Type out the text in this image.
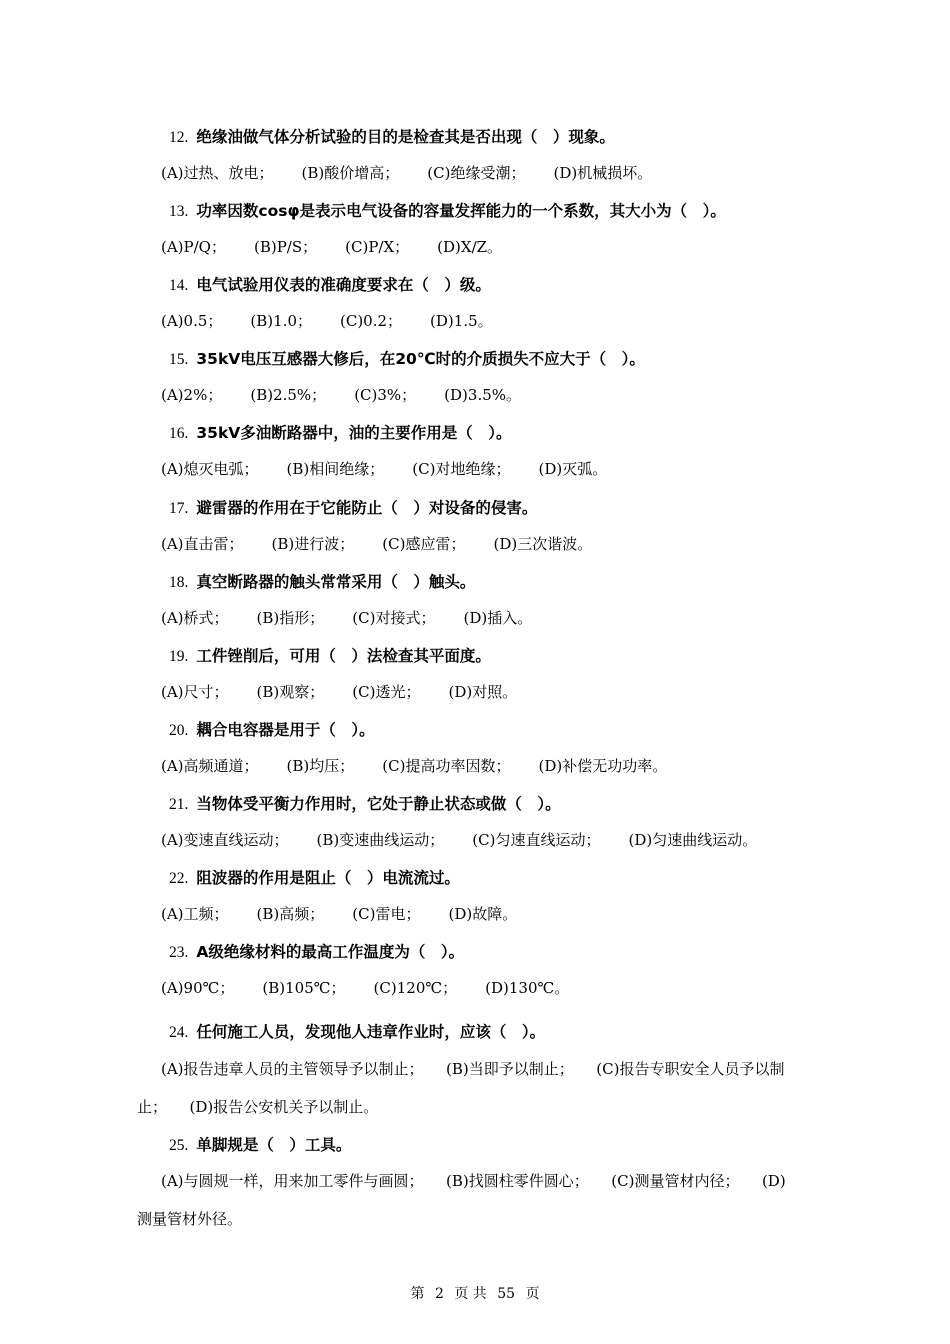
12. 绝缘油做气体分析试验的目的是检查其是否出现（　）现象。
(A)过热、放电； (B)酸价增高； (C)绝缘受潮； (D)机械损坏。
13. 功率因数cosφ是表示电气设备的容量发挥能力的一个系数，其大小为（　）。
(A)P/Q； (B)P/S； (C)P/X； (D)X/Z。
14. 电气试验用仪表的准确度要求在（　）级。
(A)0.5； (B)1.0； (C)0.2； (D)1.5。
15. 35kV电压互感器大修后，在20℃时的介质损失不应大于（　）。
(A)2%； (B)2.5%； (C)3%； (D)3.5%。
16. 35kV多油断路器中，油的主要作用是（　）。
(A)熄灭电弧； (B)相间绝缘； (C)对地绝缘； (D)灭弧。
17. 避雷器的作用在于它能防止（　）对设备的侵害。
(A)直击雷； (B)进行波； (C)感应雷； (D)三次谐波。
18. 真空断路器的触头常常采用（　）触头。
(A)桥式； (B)指形； (C)对接式； (D)插入。
19. 工件锉削后，可用（　）法检查其平面度。
(A)尺寸； (B)观察； (C)透光； (D)对照。
20. 耦合电容器是用于（　）。
(A)高频通道； (B)均压； (C)提高功率因数； (D)补偿无功功率。
21. 当物体受平衡力作用时，它处于静止状态或做（　）。
(A)变速直线运动； (B)变速曲线运动； (C)匀速直线运动； (D)匀速曲线运动。
22. 阻波器的作用是阻止（　）电流流过。
(A)工频； (B)高频； (C)雷电； (D)故障。
23. A级绝缘材料的最高工作温度为（　）。
(A)90℃； (B)105℃； (C)120℃； (D)130℃。
24. 任何施工人员，发现他人违章作业时，应该（　）。
(A)报告违章人员的主管领导予以制止；　　(B)当即予以制止；　　(C)报告专职安全人员予以制
止；　　(D)报告公安机关予以制止。
25. 单脚规是（　）工具。
(A)与圆规一样，用来加工零件与画圆；　　(B)找圆柱零件圆心；　　(C)测量管材内径；　　(D)
测量管材外径。
第 2 页 共 55 页
